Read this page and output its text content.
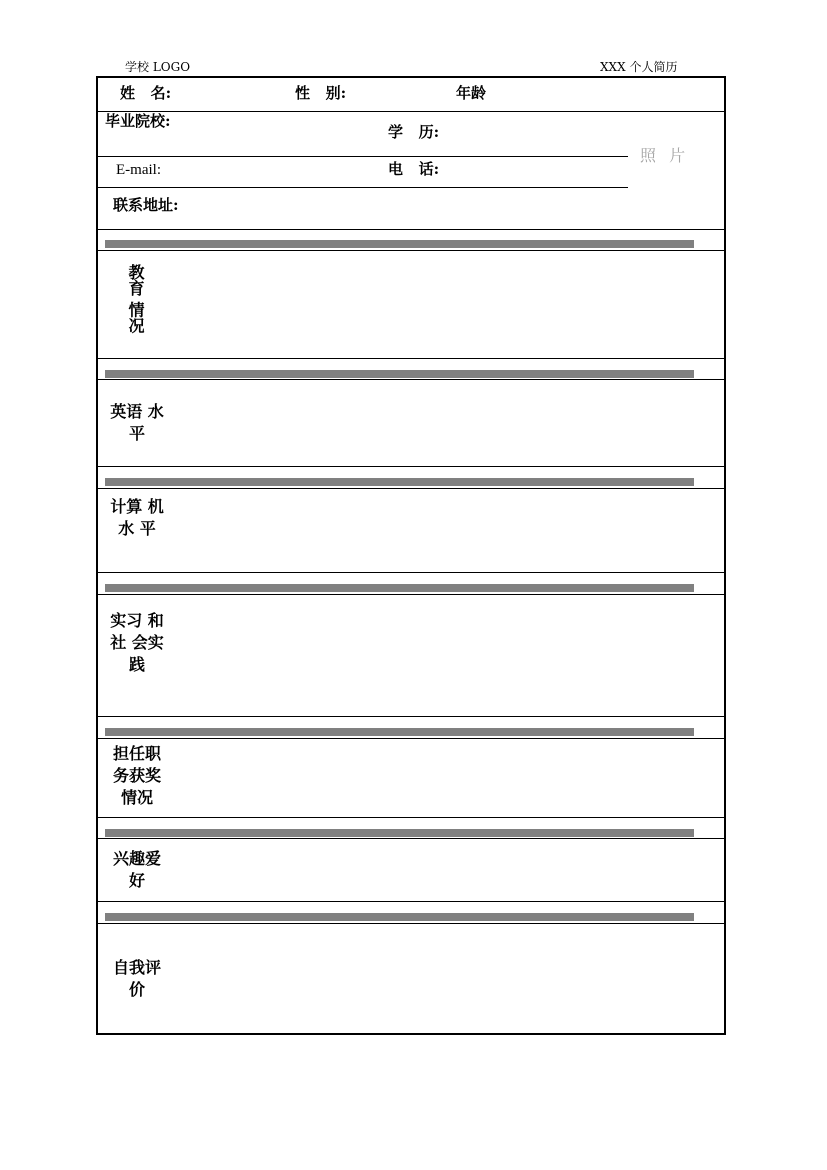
学校 LOGO	XXX 个人简历
姓   名:	性   别:	年龄
毕业院校:
学   历:
照 片
E-mail:	电   话:
联系地址:
教育 情况
英语 水平
计算 机水 平
实习 和社 会实 践
担任职 务获奖 情况
兴趣爱 好
自我评 价
